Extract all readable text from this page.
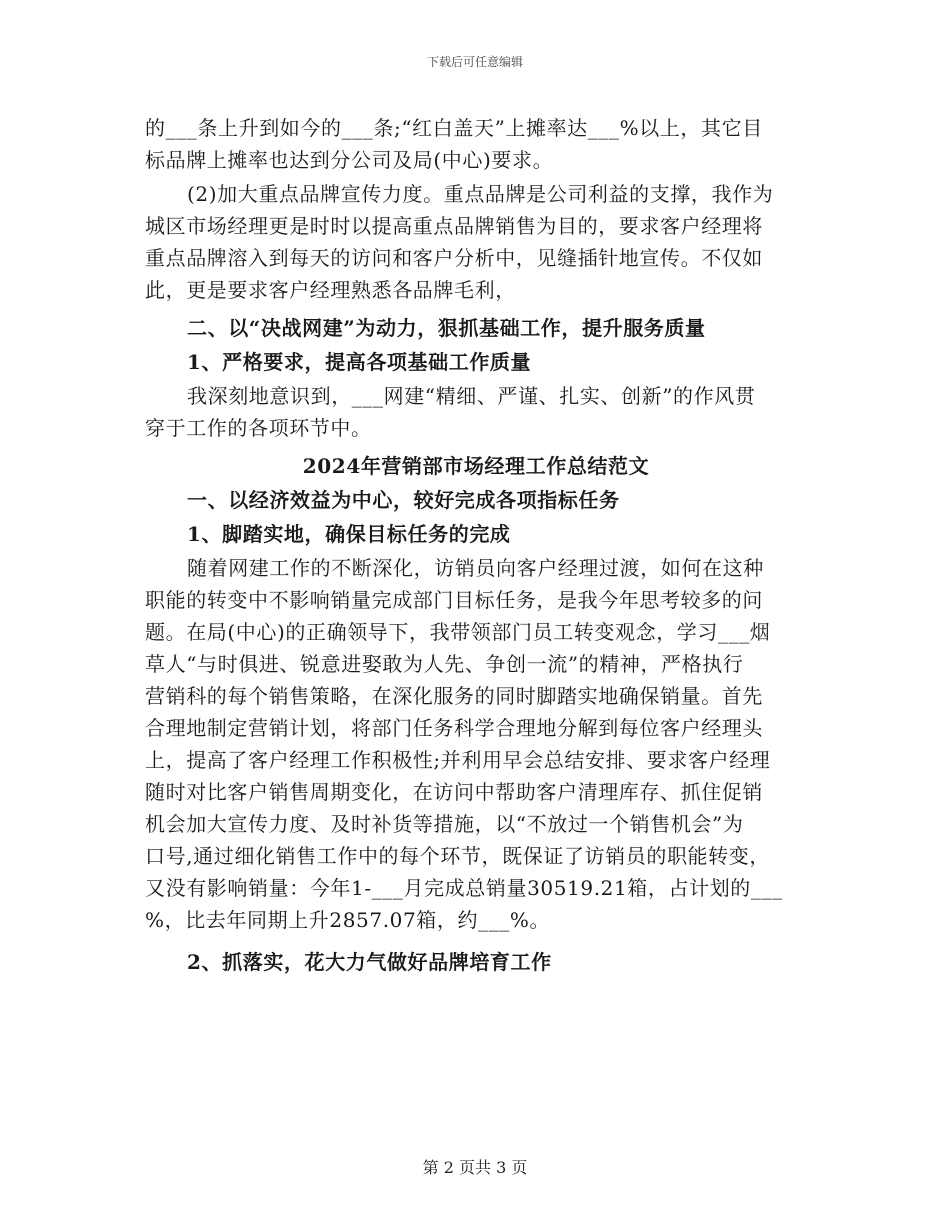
下载后可任意编辑

的___条上升到如今的___条;“红白盖天”上摊率达___%以上，其它目
标品牌上摊率也达到分公司及局(中心)要求。

(2)加大重点品牌宣传力度。重点品牌是公司利益的支撑，我作为
城区市场经理更是时时以提高重点品牌销售为目的，要求客户经理将
重点品牌溶入到每天的访问和客户分析中，见缝插针地宣传。不仅如
此，更是要求客户经理熟悉各品牌毛利，

二、以“决战网建”为动力，狠抓基础工作，提升服务质量

1、严格要求，提高各项基础工作质量

我深刻地意识到，___网建“精细、严谨、扎实、创新”的作风贯
穿于工作的各项环节中。

2024年营销部市场经理工作总结范文

一、以经济效益为中心，较好完成各项指标任务

1、脚踏实地，确保目标任务的完成

随着网建工作的不断深化，访销员向客户经理过渡，如何在这种
职能的转变中不影响销量完成部门目标任务，是我今年思考较多的问
题。在局(中心)的正确领导下，我带领部门员工转变观念，学习___烟
草人“与时俱进、锐意进娶敢为人先、争创一流”的精神，严格执行
营销科的每个销售策略，在深化服务的同时脚踏实地确保销量。首先
合理地制定营销计划，将部门任务科学合理地分解到每位客户经理头
上，提高了客户经理工作积极性;并利用早会总结安排、要求客户经理
随时对比客户销售周期变化，在访问中帮助客户清理库存、抓住促销
机会加大宣传力度、及时补货等措施，以“不放过一个销售机会”为
口号,通过细化销售工作中的每个环节，既保证了访销员的职能转变，
又没有影响销量：今年1-___月完成总销量30519.21箱，占计划的___
%，比去年同期上升2857.07箱，约___%。

2、抓落实，花大力气做好品牌培育工作

第 2 页共 3 页
